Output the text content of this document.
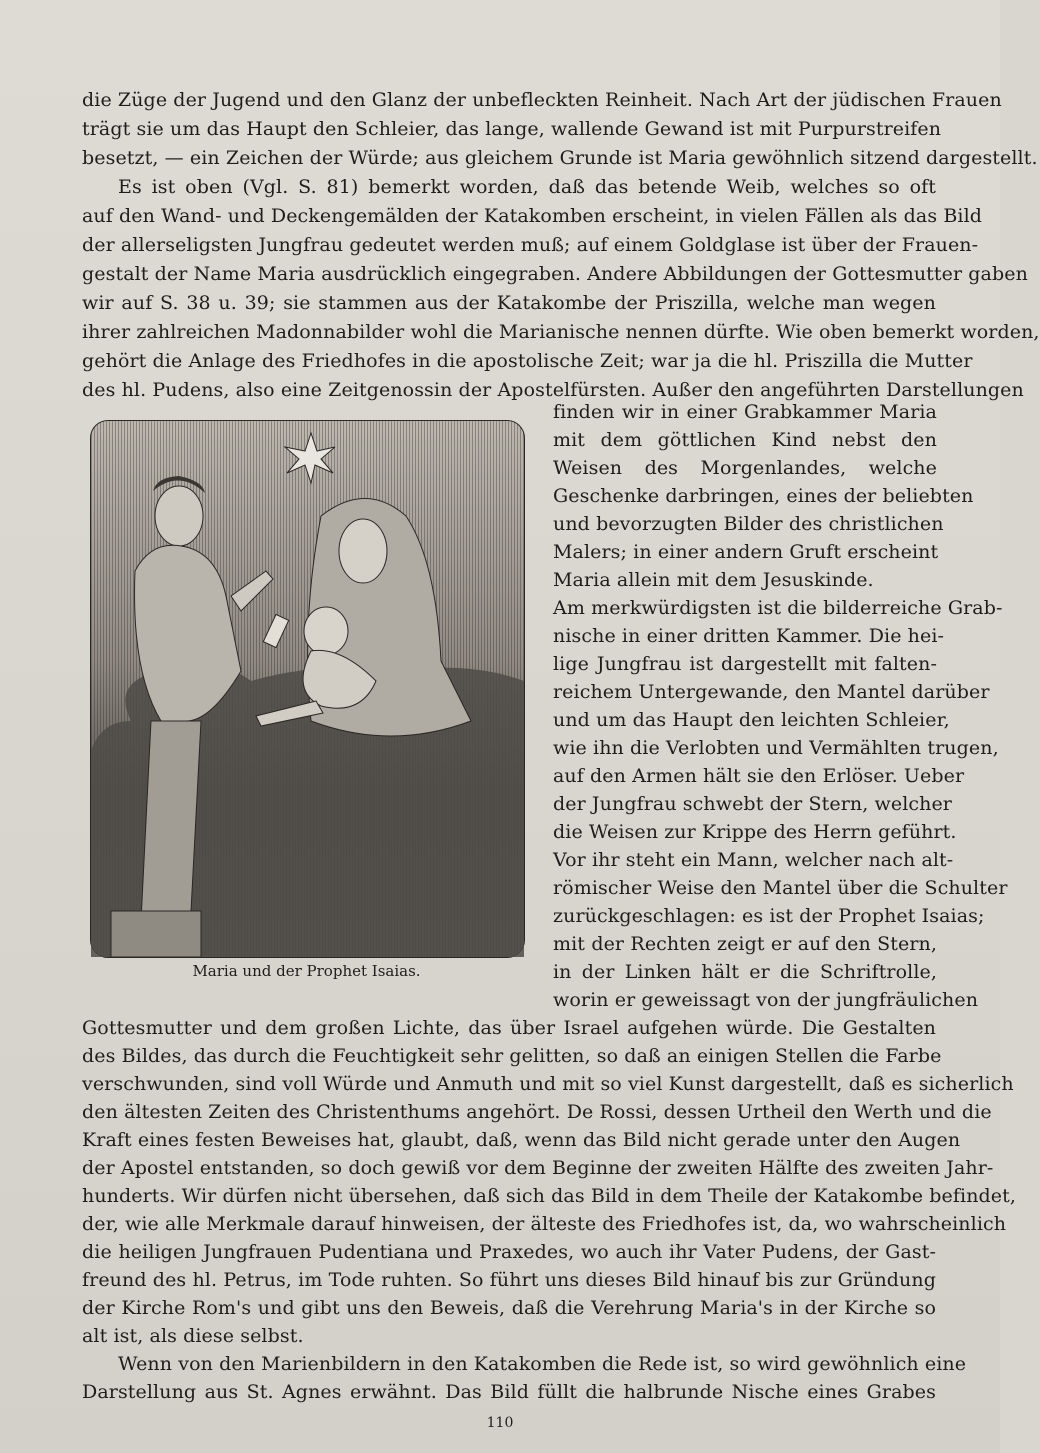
die Züge der Jugend und den Glanz der unbefleckten Reinheit. Nach Art der jüdischen Frauen
trägt sie um das Haupt den Schleier, das lange, wallende Gewand ist mit Purpurstreifen
besetzt, — ein Zeichen der Würde; aus gleichem Grunde ist Maria gewöhnlich sitzend dargestellt.
Es ist oben (Vgl. S. 81) bemerkt worden, daß das betende Weib, welches so oft
auf den Wand- und Deckengemälden der Katakomben erscheint, in vielen Fällen als das Bild
der allerseligsten Jungfrau gedeutet werden muß; auf einem Goldglase ist über der Frauen-
gestalt der Name Maria ausdrücklich eingegraben. Andere Abbildungen der Gottesmutter gaben
wir auf S. 38 u. 39; sie stammen aus der Katakombe der Priszilla, welche man wegen
ihrer zahlreichen Madonnabilder wohl die Marianische nennen dürfte. Wie oben bemerkt worden,
gehört die Anlage des Friedhofes in die apostolische Zeit; war ja die hl. Priszilla die Mutter
des hl. Pudens, also eine Zeitgenossin der Apostelfürsten. Außer den angeführten Darstellungen
Maria und der Prophet Isaias.
finden wir in einer Grabkammer Maria
mit dem göttlichen Kind nebst den
Weisen des Morgenlandes, welche
Geschenke darbringen, eines der beliebten
und bevorzugten Bilder des christlichen
Malers; in einer andern Gruft erscheint
Maria allein mit dem Jesuskinde.
Am merkwürdigsten ist die bilderreiche Grab-
nische in einer dritten Kammer. Die hei-
lige Jungfrau ist dargestellt mit falten-
reichem Untergewande, den Mantel darüber
und um das Haupt den leichten Schleier,
wie ihn die Verlobten und Vermählten trugen,
auf den Armen hält sie den Erlöser. Ueber
der Jungfrau schwebt der Stern, welcher
die Weisen zur Krippe des Herrn geführt.
Vor ihr steht ein Mann, welcher nach alt-
römischer Weise den Mantel über die Schulter
zurückgeschlagen: es ist der Prophet Isaias;
mit der Rechten zeigt er auf den Stern,
in der Linken hält er die Schriftrolle,
worin er geweissagt von der jungfräulichen
Gottesmutter und dem großen Lichte, das über Israel aufgehen würde. Die Gestalten
des Bildes, das durch die Feuchtigkeit sehr gelitten, so daß an einigen Stellen die Farbe
verschwunden, sind voll Würde und Anmuth und mit so viel Kunst dargestellt, daß es sicherlich
den ältesten Zeiten des Christenthums angehört. De Rossi, dessen Urtheil den Werth und die
Kraft eines festen Beweises hat, glaubt, daß, wenn das Bild nicht gerade unter den Augen
der Apostel entstanden, so doch gewiß vor dem Beginne der zweiten Hälfte des zweiten Jahr-
hunderts. Wir dürfen nicht übersehen, daß sich das Bild in dem Theile der Katakombe befindet,
der, wie alle Merkmale darauf hinweisen, der älteste des Friedhofes ist, da, wo wahrscheinlich
die heiligen Jungfrauen Pudentiana und Praxedes, wo auch ihr Vater Pudens, der Gast-
freund des hl. Petrus, im Tode ruhten. So führt uns dieses Bild hinauf bis zur Gründung
der Kirche Rom's und gibt uns den Beweis, daß die Verehrung Maria's in der Kirche so
alt ist, als diese selbst.
Wenn von den Marienbildern in den Katakomben die Rede ist, so wird gewöhnlich eine
Darstellung aus St. Agnes erwähnt. Das Bild füllt die halbrunde Nische eines Grabes
110
